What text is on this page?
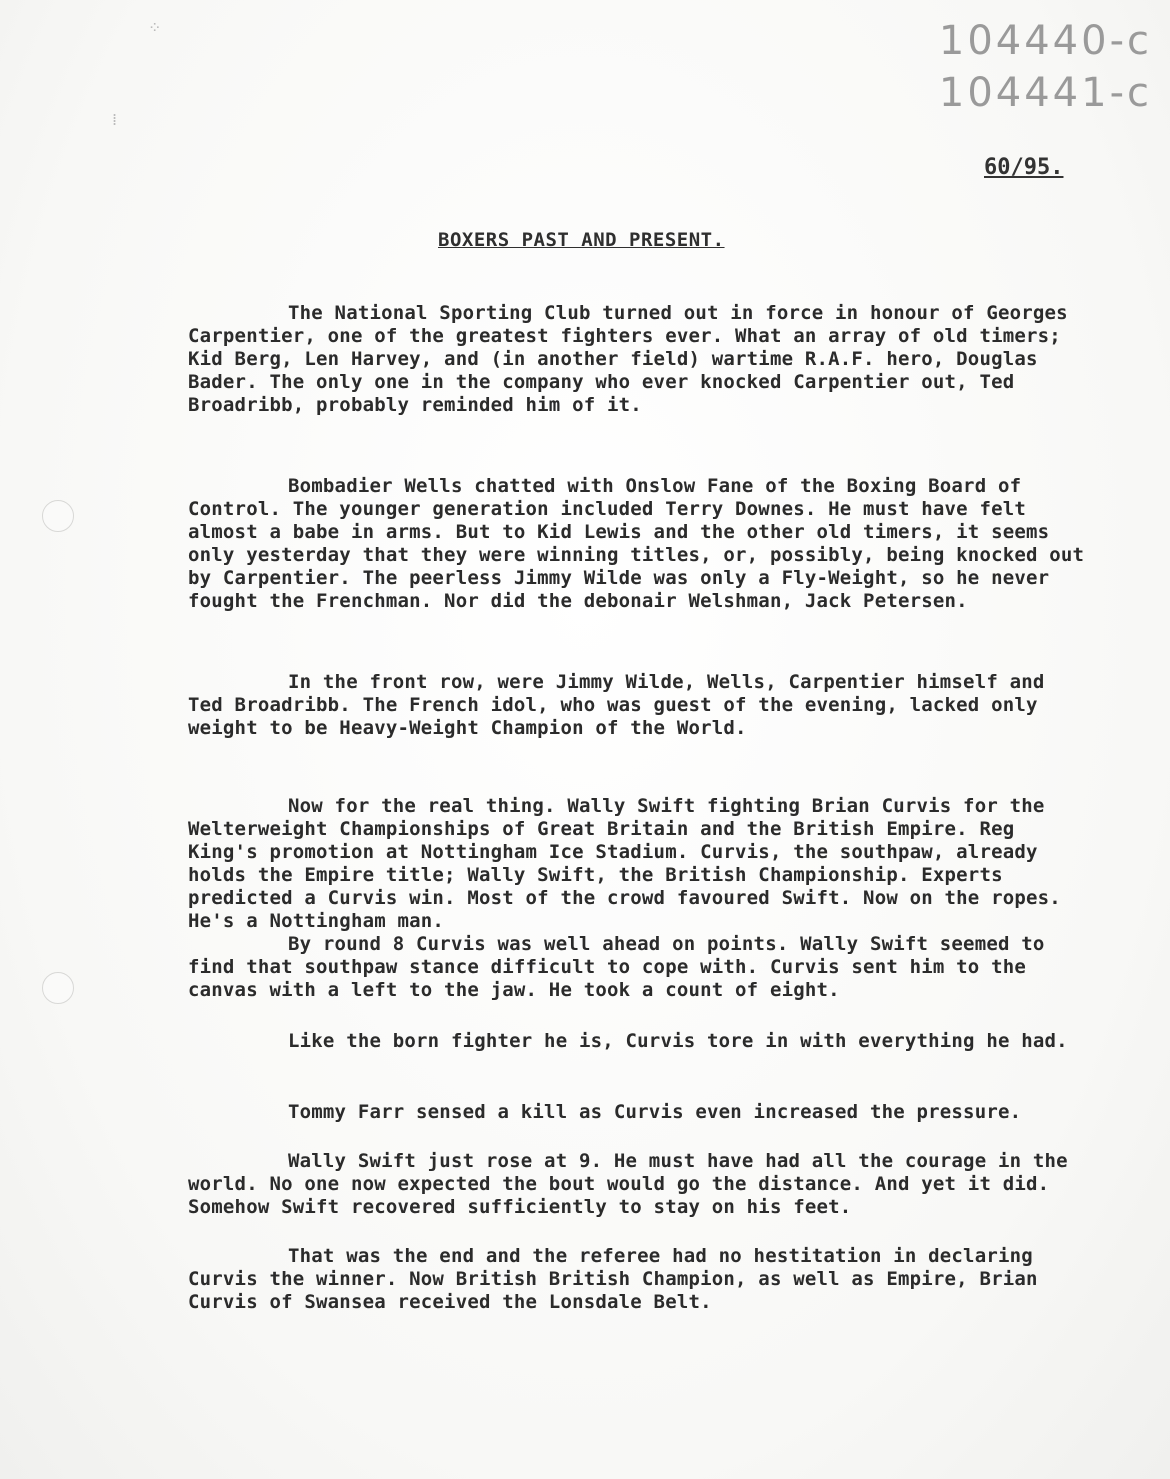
104440-c
104441-c
⁘
⁞
60/95.
BOXERS PAST AND PRESENT.

The National Sporting Club turned out in force in honour of Georges Carpentier, one of the greatest fighters ever. What an array of old timers; Kid Berg, Len Harvey, and (in another field) wartime R.A.F. hero, Douglas Bader. The only one in the company who ever knocked Carpentier out, Ted Broadribb, probably reminded him of it.

Bombadier Wells chatted with Onslow Fane of the Boxing Board of Control. The younger generation included Terry Downes. He must have felt almost a babe in arms. But to Kid Lewis and the other old timers, it seems only yesterday that they were winning titles, or, possibly, being knocked out by Carpentier. The peerless Jimmy Wilde was only a Fly-Weight, so he never fought the Frenchman. Nor did the debonair Welshman, Jack Petersen.

In the front row, were Jimmy Wilde, Wells, Carpentier himself and Ted Broadribb. The French idol, who was guest of the evening, lacked only weight to be Heavy-Weight Champion of the World.

Now for the real thing. Wally Swift fighting Brian Curvis for the Welterweight Championships of Great Britain and the British Empire. Reg King's promotion at Nottingham Ice Stadium. Curvis, the southpaw, already holds the Empire title; Wally Swift, the British Championship. Experts predicted a Curvis win. Most of the crowd favoured Swift. Now on the ropes. He's a Nottingham man.

By round 8 Curvis was well ahead on points. Wally Swift seemed to find that southpaw stance difficult to cope with. Curvis sent him to the canvas with a left to the jaw. He took a count of eight.

Like the born fighter he is, Curvis tore in with everything he had.

Tommy Farr sensed a kill as Curvis even increased the pressure.

Wally Swift just rose at 9. He must have had all the courage in the world. No one now expected the bout would go the distance. And yet it did. Somehow Swift recovered sufficiently to stay on his feet.

That was the end and the referee had no hestitation in declaring Curvis the winner. Now British British Champion, as well as Empire, Brian Curvis of Swansea received the Lonsdale Belt.
